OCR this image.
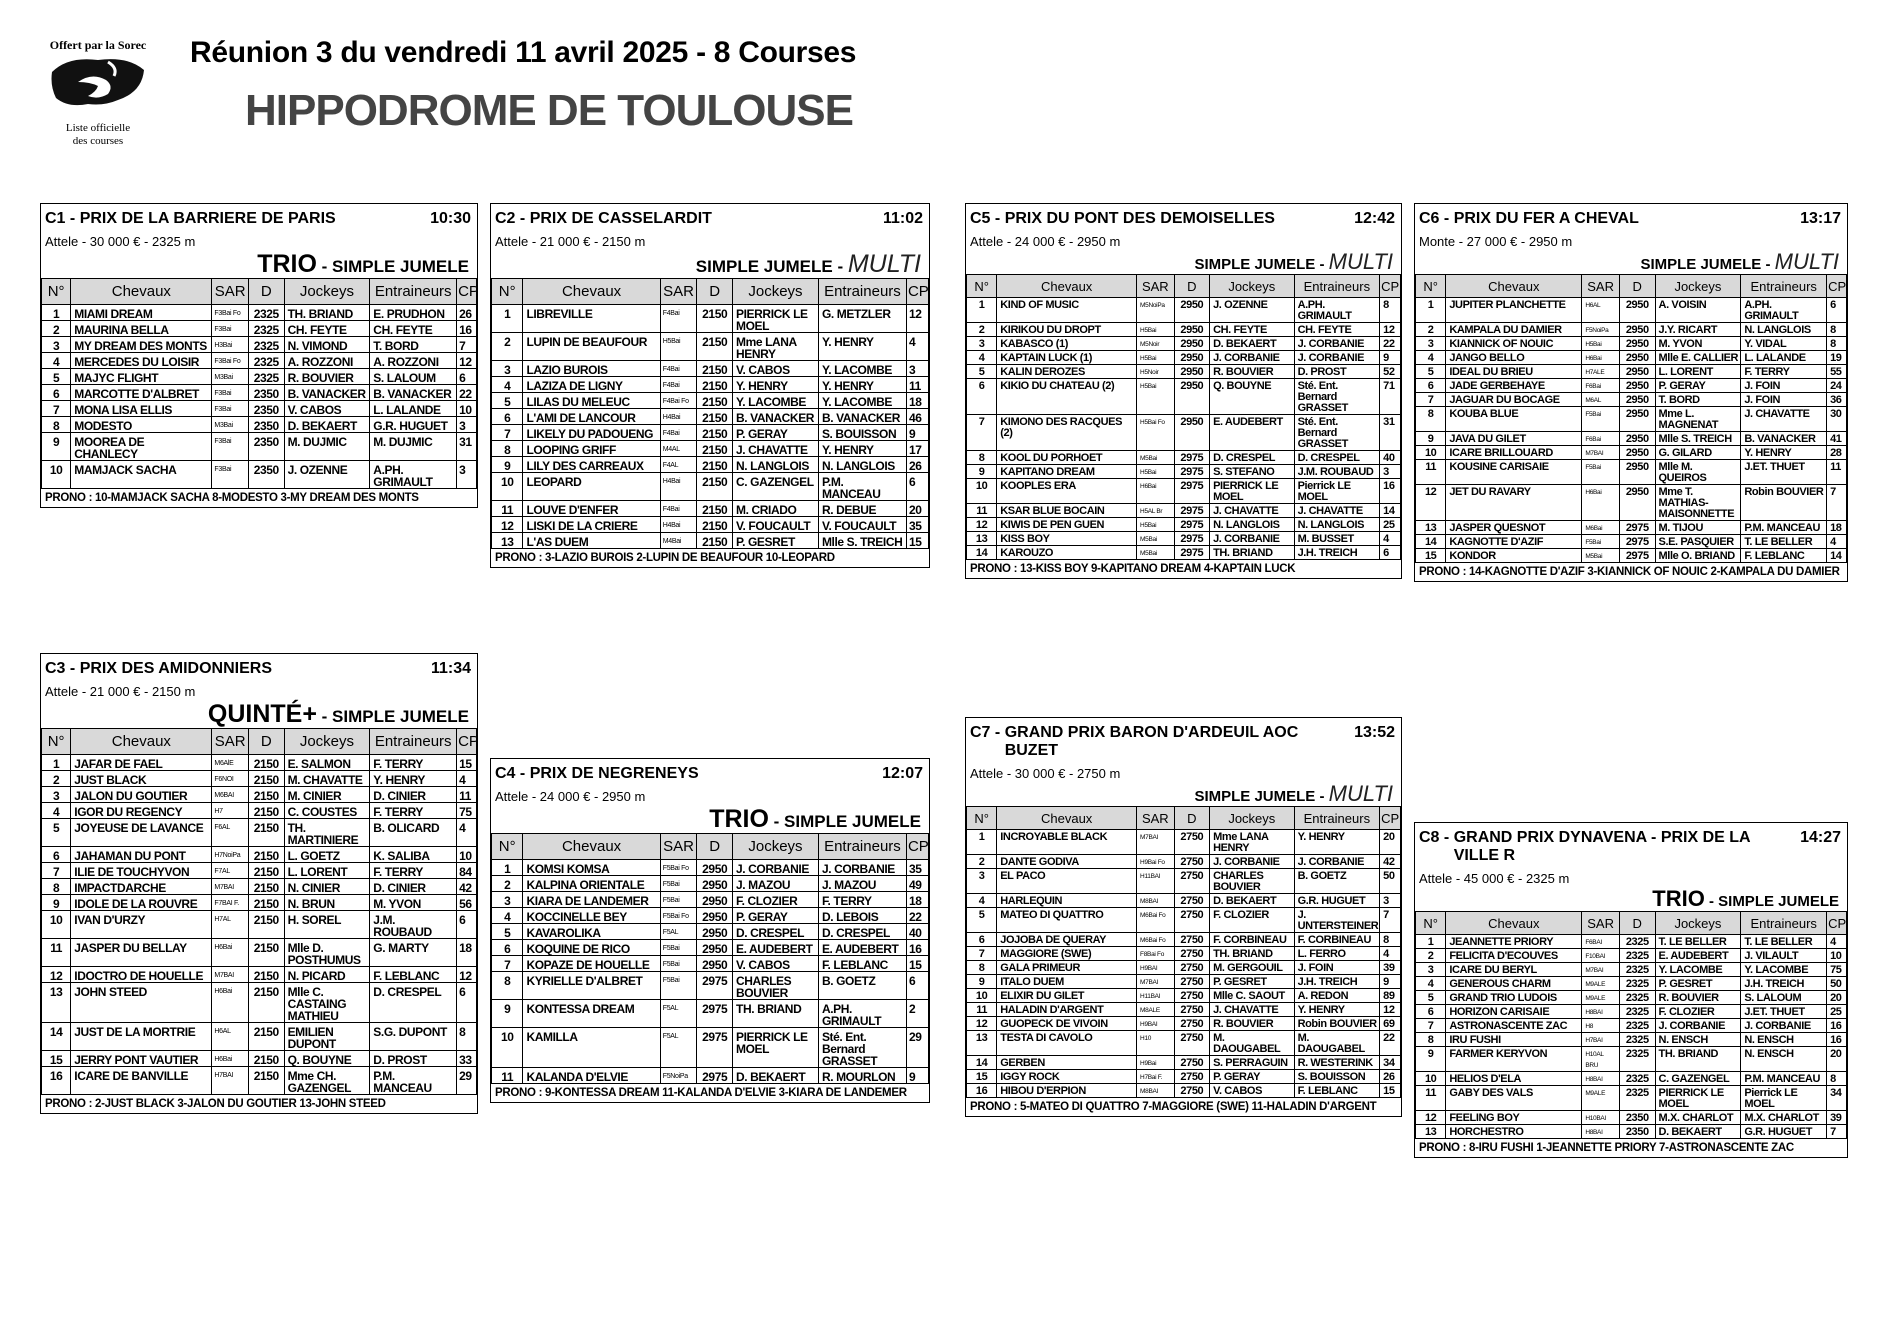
Offert par la Sorec
Liste officielle
des courses
Réunion 3 du vendredi 11 avril 2025 - 8 Courses
HIPPODROME DE TOULOUSE
C1 - PRIX DE LA BARRIERE DE PARIS	10:30
Attele - 30 000 € - 2325 m
TRIO - SIMPLE JUMELE
N°	Chevaux	SAR	D	Jockeys	Entraineurs	CP
1	MIAMI DREAM	F3Bai Fo	2325	TH. BRIAND	E. PRUDHON	26
2	MAURINA BELLA	F3Bai	2325	CH. FEYTE	CH. FEYTE	16
3	MY DREAM DES MONTS	H3Bai	2325	N. VIMOND	T. BORD	7
4	MERCEDES DU LOISIR	F3Bai Fo	2325	A. ROZZONI	A. ROZZONI	12
5	MAJYC FLIGHT	M3Bai	2325	R. BOUVIER	S. LALOUM	6
6	MARCOTTE D'ALBRET	F3Bai	2350	B. VANACKER	B. VANACKER	22
7	MONA LISA ELLIS	F3Bai	2350	V. CABOS	L. LALANDE	10
8	MODESTO	M3Bai	2350	D. BEKAERT	G.R. HUGUET	3
9	MOOREA DE CHANLECY	F3Bai	2350	M. DUJMIC	M. DUJMIC	31
10	MAMJACK SACHA	F3Bai	2350	J. OZENNE	A.PH. GRIMAULT	3
PRONO : 10-MAMJACK SACHA 8-MODESTO 3-MY DREAM DES MONTS
C2 - PRIX DE CASSELARDIT	11:02
Attele - 21 000 € - 2150 m
SIMPLE JUMELE - MULTI
N°	Chevaux	SAR	D	Jockeys	Entraineurs	CP
1	LIBREVILLE	F4Bai	2150	PIERRICK LE MOEL	G. METZLER	12
2	LUPIN DE BEAUFOUR	H5Bai	2150	Mme LANA HENRY	Y. HENRY	4
3	LAZIO BUROIS	F4Bai	2150	V. CABOS	Y. LACOMBE	3
4	LAZIZA DE LIGNY	F4Bai	2150	Y. HENRY	Y. HENRY	11
5	LILAS DU MELEUC	F4Bai Fo	2150	Y. LACOMBE	Y. LACOMBE	18
6	L'AMI DE LANCOUR	H4Bai	2150	B. VANACKER	B. VANACKER	46
7	LIKELY DU PADOUENG	F4Bai	2150	P. GERAY	S. BOUISSON	9
8	LOOPING GRIFF	M4AL	2150	J. CHAVATTE	Y. HENRY	17
9	LILY DES CARREAUX	F4AL	2150	N. LANGLOIS	N. LANGLOIS	26
10	LEOPARD	H4Bai	2150	C. GAZENGEL	P.M. MANCEAU	6
11	LOUVE D'ENFER	F4Bai	2150	M. CRIADO	R. DEBUE	20
12	LISKI DE LA CRIERE	H4Bai	2150	V. FOUCAULT	V. FOUCAULT	35
13	L'AS DUEM	M4Bai	2150	P. GESRET	Mlle S. TREICH	15
PRONO : 3-LAZIO BUROIS 2-LUPIN DE BEAUFOUR 10-LEOPARD
C3 - PRIX DES AMIDONNIERS	11:34
Attele - 21 000 € - 2150 m
QUINTÉ+ - SIMPLE JUMELE
N°	Chevaux	SAR	D	Jockeys	Entraineurs	CP
1	JAFAR DE FAEL	M6AlE	2150	E. SALMON	F. TERRY	15
2	JUST BLACK	F6NOI	2150	M. CHAVATTE	Y. HENRY	4
3	JALON DU GOUTIER	M6BAI	2150	M. CINIER	D. CINIER	11
4	IGOR DU REGENCY	H7	2150	C. COUSTES	F. TERRY	75
5	JOYEUSE DE LAVANCE	F6AL	2150	TH. MARTINIERE	B. OLICARD	4
6	JAHAMAN DU PONT	H7NoiPa	2150	L. GOETZ	K. SALIBA	10
7	ILIE DE TOUCHYVON	F7AL	2150	L. LORENT	F. TERRY	84
8	IMPACTDARCHE	M7BAI	2150	N. CINIER	D. CINIER	42
9	IDOLE DE LA ROUVRE	F7BAI F.	2150	N. BRUN	M. YVON	56
10	IVAN D'URZY	H7AL	2150	H. SOREL	J.M. ROUBAUD	6
11	JASPER DU BELLAY	H6Bai	2150	Mlle D. POSTHUMUS	G. MARTY	18
12	IDOCTRO DE HOUELLE	M7BAI	2150	N. PICARD	F. LEBLANC	12
13	JOHN STEED	H6Bai	2150	Mlle C. CASTAING MATHIEU	D. CRESPEL	6
14	JUST DE LA MORTRIE	H6AL	2150	EMILIEN DUPONT	S.G. DUPONT	8
15	JERRY PONT VAUTIER	H6Bai	2150	Q. BOUYNE	D. PROST	33
16	ICARE DE BANVILLE	H7BAI	2150	Mme CH. GAZENGEL	P.M. MANCEAU	29
PRONO : 2-JUST BLACK 3-JALON DU GOUTIER 13-JOHN STEED
C4 - PRIX DE NEGRENEYS	12:07
Attele - 24 000 € - 2950 m
TRIO - SIMPLE JUMELE
N°	Chevaux	SAR	D	Jockeys	Entraineurs	CP
1	KOMSI KOMSA	F5Bai Fo	2950	J. CORBANIE	J. CORBANIE	35
2	KALPINA ORIENTALE	F5Bai	2950	J. MAZOU	J. MAZOU	49
3	KIARA DE LANDEMER	F5Bai	2950	F. CLOZIER	F. TERRY	18
4	KOCCINELLE BEY	F5Bai Fo	2950	P. GERAY	D. LEBOIS	22
5	KAVAROLIKA	F5AL	2950	D. CRESPEL	D. CRESPEL	40
6	KOQUINE DE RICO	F5Bai	2950	E. AUDEBERT	E. AUDEBERT	16
7	KOPAZE DE HOUELLE	F5Bai	2950	V. CABOS	F. LEBLANC	15
8	KYRIELLE D'ALBRET	F5Bai	2975	CHARLES BOUVIER	B. GOETZ	6
9	KONTESSA DREAM	F5AL	2975	TH. BRIAND	A.PH. GRIMAULT	2
10	KAMILLA	F5AL	2975	PIERRICK LE MOEL	Sté. Ent. Bernard GRASSET	29
11	KALANDA D'ELVIE	F5NoiPa	2975	D. BEKAERT	R. MOURLON	9
PRONO : 9-KONTESSA DREAM 11-KALANDA D'ELVIE 3-KIARA DE LANDEMER
C5 - PRIX DU PONT DES DEMOISELLES	12:42
Attele - 24 000 € - 2950 m
SIMPLE JUMELE - MULTI
N°	Chevaux	SAR	D	Jockeys	Entraineurs	CP
1	KIND OF MUSIC	M5NoiPa	2950	J. OZENNE	A.PH. GRIMAULT	8
2	KIRIKOU DU DROPT	H5Bai	2950	CH. FEYTE	CH. FEYTE	12
3	KABASCO (1)	M5Noir	2950	D. BEKAERT	J. CORBANIE	22
4	KAPTAIN LUCK (1)	H5Bai	2950	J. CORBANIE	J. CORBANIE	9
5	KALIN DEROZES	H5Noir	2950	R. BOUVIER	D. PROST	52
6	KIKIO DU CHATEAU (2)	H5Bai	2950	Q. BOUYNE	Sté. Ent. Bernard GRASSET	71
7	KIMONO DES RACQUES (2)	H5Bai Fo	2950	E. AUDEBERT	Sté. Ent. Bernard GRASSET	31
8	KOOL DU PORHOET	M5Bai	2975	D. CRESPEL	D. CRESPEL	40
9	KAPITANO DREAM	H5Bai	2975	S. STEFANO	J.M. ROUBAUD	3
10	KOOPLES ERA	H6Bai	2975	PIERRICK LE MOEL	Pierrick LE MOEL	16
11	KSAR BLUE BOCAIN	H5AL Br	2975	J. CHAVATTE	J. CHAVATTE	14
12	KIWIS DE PEN GUEN	H5Bai	2975	N. LANGLOIS	N. LANGLOIS	25
13	KISS BOY	M5Bai	2975	J. CORBANIE	M. BUSSET	4
14	KAROUZO	M5Bai	2975	TH. BRIAND	J.H. TREICH	6
PRONO : 13-KISS BOY 9-KAPITANO DREAM 4-KAPTAIN LUCK
C6 - PRIX DU FER A CHEVAL	13:17
Monte - 27 000 € - 2950 m
SIMPLE JUMELE - MULTI
N°	Chevaux	SAR	D	Jockeys	Entraineurs	CP
1	JUPITER PLANCHETTE	H6AL	2950	A. VOISIN	A.PH. GRIMAULT	6
2	KAMPALA DU DAMIER	F5NoiPa	2950	J.Y. RICART	N. LANGLOIS	8
3	KIANNICK OF NOUIC	H5Bai	2950	M. YVON	Y. VIDAL	8
4	JANGO BELLO	H6Bai	2950	Mlle E. CALLIER	L. LALANDE	19
5	IDEAL DU BRIEU	H7ALE	2950	L. LORENT	F. TERRY	55
6	JADE GERBEHAYE	F6Bai	2950	P. GERAY	J. FOIN	24
7	JAGUAR DU BOCAGE	M6AL	2950	T. BORD	J. FOIN	36
8	KOUBA BLUE	F5Bai	2950	Mme L. MAGNENAT	J. CHAVATTE	30
9	JAVA DU GILET	F6Bai	2950	Mlle S. TREICH	B. VANACKER	41
10	ICARE BRILLOUARD	M7BAI	2950	G. GILARD	Y. HENRY	28
11	KOUSINE CARISAIE	F5Bai	2950	Mlle M. QUEIROS	J.ET. THUET	11
12	JET DU RAVARY	H6Bai	2950	Mme T. MATHIAS-MAISONNETTE	Robin BOUVIER	7
13	JASPER QUESNOT	M6Bai	2975	M. TIJOU	P.M. MANCEAU	18
14	KAGNOTTE D'AZIF	F5Bai	2975	S.E. PASQUIER	T. LE BELLER	4
15	KONDOR	M5Bai	2975	Mlle O. BRIAND	F. LEBLANC	14
PRONO : 14-KAGNOTTE D'AZIF 3-KIANNICK OF NOUIC 2-KAMPALA DU DAMIER
C7 - GRAND PRIX BARON D'ARDEUIL AOC BUZET
13:52
Attele - 30 000 € - 2750 m
SIMPLE JUMELE - MULTI
N°	Chevaux	SAR	D	Jockeys	Entraineurs	CP
1	INCROYABLE BLACK	M7BAI	2750	Mme LANA HENRY	Y. HENRY	20
2	DANTE GODIVA	H9Bai Fo	2750	J. CORBANIE	J. CORBANIE	42
3	EL PACO	H11BAI	2750	CHARLES BOUVIER	B. GOETZ	50
4	HARLEQUIN	M8BAI	2750	D. BEKAERT	G.R. HUGUET	3
5	MATEO DI QUATTRO	M6Bai Fo	2750	F. CLOZIER	J. UNTERSTEINER	7
6	JOJOBA DE QUERAY	M6Bai Fo	2750	F. CORBINEAU	F. CORBINEAU	8
7	MAGGIORE (SWE)	F8Bai Fo	2750	TH. BRIAND	L. FERRO	4
8	GALA PRIMEUR	H9BAI	2750	M. GERGOUIL	J. FOIN	39
9	ITALO DUEM	M7BAI	2750	P. GESRET	J.H. TREICH	9
10	ELIXIR DU GILET	H11BAI	2750	Mlle C. SAOUT	A. REDON	89
11	HALADIN D'ARGENT	M8ALE	2750	J. CHAVATTE	Y. HENRY	12
12	GUOPECK DE VIVOIN	H9BAI	2750	R. BOUVIER	Robin BOUVIER	69
13	TESTA DI CAVOLO	H10	2750	M. DAOUGABEL	M. DAOUGABEL	22
14	GERBEN	H9Bai	2750	S. PERRAGUIN	R. WESTERINK	34
15	IGGY ROCK	H7Bai F.	2750	P. GERAY	S. BOUISSON	26
16	HIBOU D'ERPION	M8BAI	2750	V. CABOS	F. LEBLANC	15
PRONO : 5-MATEO DI QUATTRO 7-MAGGIORE (SWE) 11-HALADIN D'ARGENT
C8 - GRAND PRIX DYNAVENA - PRIX DE LA VILLE R
14:27
Attele - 45 000 € - 2325 m
TRIO - SIMPLE JUMELE
N°	Chevaux	SAR	D	Jockeys	Entraineurs	CP
1	JEANNETTE PRIORY	F6BAI	2325	T. LE BELLER	T. LE BELLER	4
2	FELICITA D'ECOUVES	F10BAI	2325	E. AUDEBERT	J. VILAULT	10
3	ICARE DU BERYL	M7BAI	2325	Y. LACOMBE	Y. LACOMBE	75
4	GENEROUS CHARM	M9ALE	2325	P. GESRET	J.H. TREICH	50
5	GRAND TRIO LUDOIS	M9ALE	2325	R. BOUVIER	S. LALOUM	20
6	HORIZON CARISAIE	H8BAI	2325	F. CLOZIER	J.ET. THUET	25
7	ASTRONASCENTE ZAC	H8	2325	J. CORBANIE	J. CORBANIE	16
8	IRU FUSHI	H7BAI	2325	N. ENSCH	N. ENSCH	16
9	FARMER KERYVON	H10AL BRU	2325	TH. BRIAND	N. ENSCH	20
10	HELIOS D'ELA	H8BAI	2325	C. GAZENGEL	P.M. MANCEAU	8
11	GABY DES VALS	M9ALE	2325	PIERRICK LE MOEL	Pierrick LE MOEL	34
12	FEELING BOY	H10BAI	2350	M.X. CHARLOT	M.X. CHARLOT	39
13	HORCHESTRO	H8BAI	2350	D. BEKAERT	G.R. HUGUET	7
PRONO : 8-IRU FUSHI 1-JEANNETTE PRIORY 7-ASTRONASCENTE ZAC
